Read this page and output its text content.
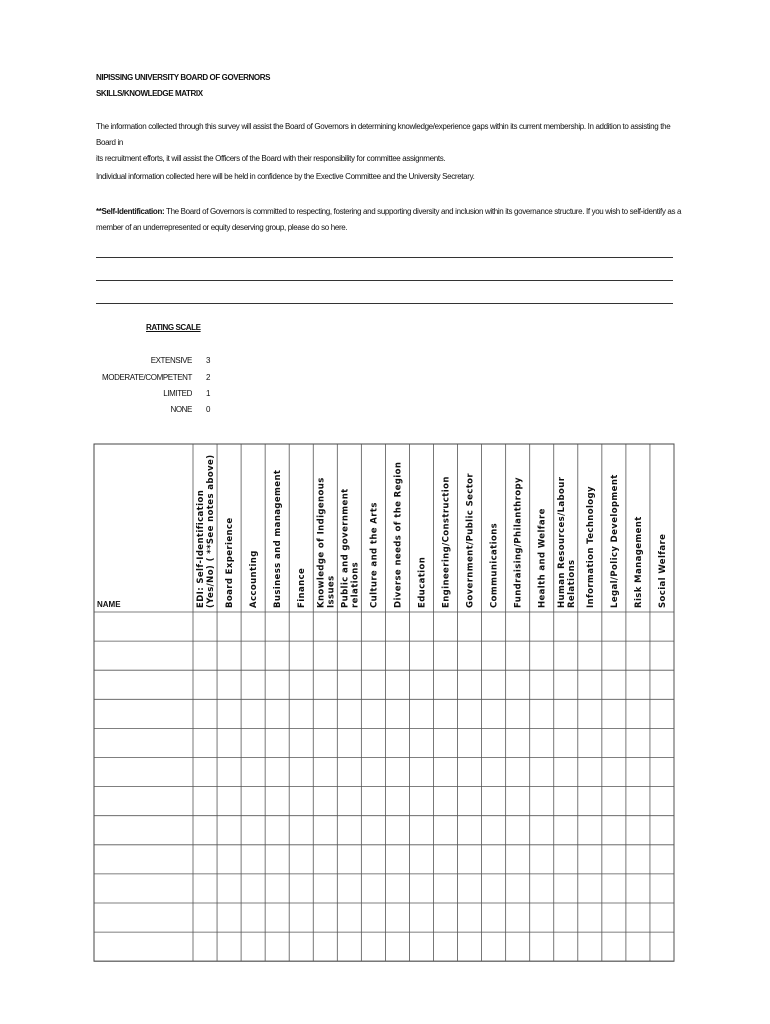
NIPISSING UNIVERSITY BOARD OF GOVERNORS
SKILLS/KNOWLEDGE MATRIX
The information collected through this survey will assist the Board of Governors in determining knowledge/experience gaps within its current membership. In addition to assisting the Board in
its recruitment efforts, it will assist the Officers of the Board with their responsibility for committee assignments.
Individual information collected here will be held in confidence by the Exective Committee and the University Secretary.
**Self-Identification: The Board of Governors is committed to respecting, fostering and supporting diversity and inclusion within its governance structure. If you wish to self-identify as a
member of an underrepresented or equity deserving group, please do so here.
RATING SCALE
EXTENSIVE 3
MODERATE/COMPETENT 2
LIMITED 1
NONE 0
NAME	EDI: Self-Identification (Yes/No) ( **See notes above) Board Experience Accounting Business and management Finance Knowledge of Indigenous Issues Public and government relations Culture and the Arts Diverse needs of the Region Education Engineering/Construction Government/Public Sector Communications Fundraising/Philanthropy Health and Welfare Human Resources/Labour Relations Information Technology Legal/Policy Development Risk Management Social Welfare
